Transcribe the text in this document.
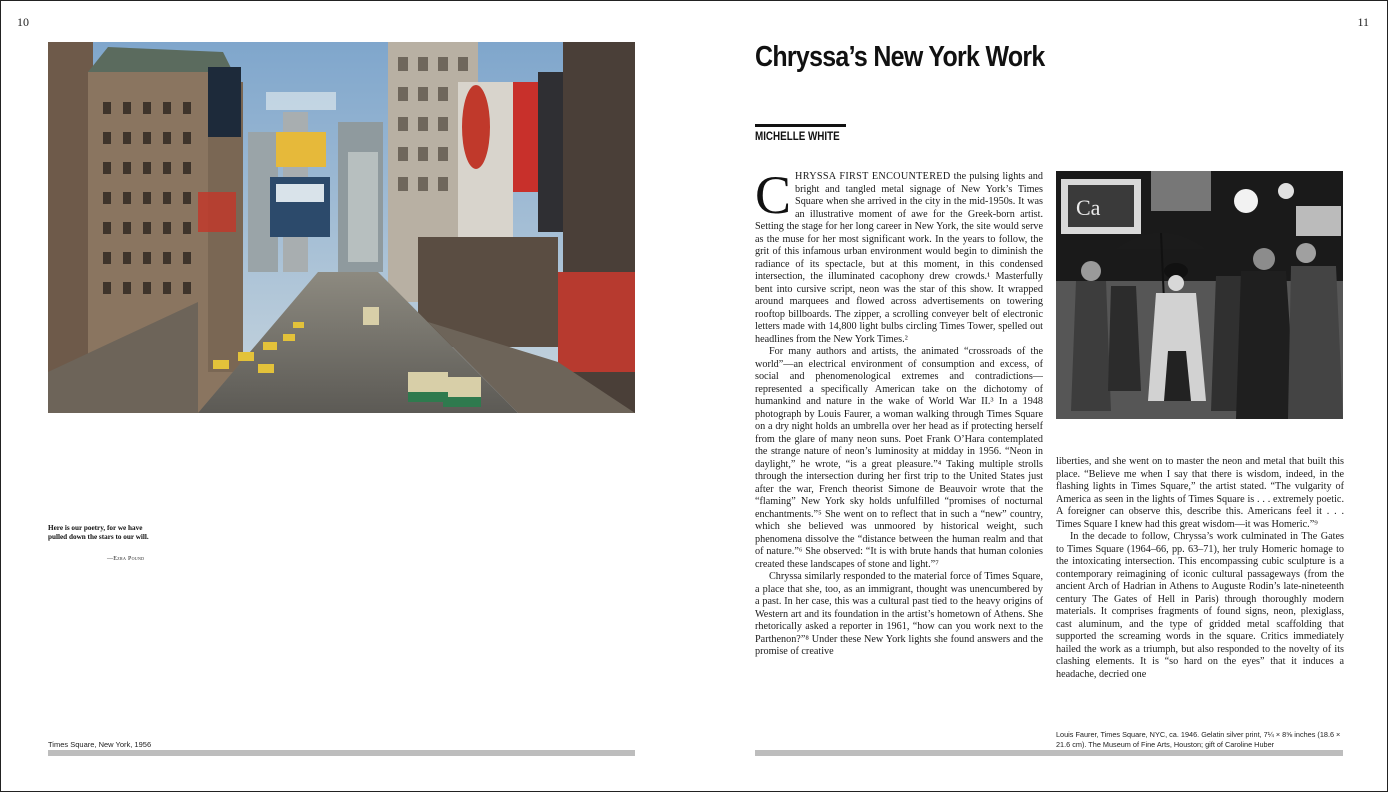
10	11
Here is our poetry, for we have pulled down the stars to our will.
—Ezra Pound
Times Square, New York, 1956
Chryssa’s New York Work
MICHELLE WHITE

CHRYSSA FIRST ENCOUNTERED the pulsing lights and bright and tangled metal signage of New York’s Times Square when she arrived in the city in the mid-1950s. It was an illustrative moment of awe for the Greek-born artist. Setting the stage for her long career in New York, the site would serve as the muse for her most significant work. In the years to follow, the grit of this infamous urban environment would begin to diminish the radiance of its spectacle, but at this moment, in this condensed intersection, the illuminated cacophony drew crowds.¹ Masterfully bent into cursive script, neon was the star of this show. It wrapped around marquees and flowed across advertisements on towering rooftop billboards. The zipper, a scrolling conveyer belt of electronic letters made with 14,800 light bulbs circling Times Tower, spelled out headlines from the New York Times.²

For many authors and artists, the animated “crossroads of the world”—an electrical environment of consumption and excess, of social and phenomenological extremes and contradictions—represented a specifically American take on the dichotomy of humankind and nature in the wake of World War II.³ In a 1948 photograph by Louis Faurer, a woman walking through Times Square on a dry night holds an umbrella over her head as if protecting herself from the glare of many neon suns. Poet Frank O’Hara contemplated the strange nature of neon’s luminosity at midday in 1956. “Neon in daylight,” he wrote, “is a great pleasure.”⁴ Taking multiple strolls through the intersection during her first trip to the United States just after the war, French theorist Simone de Beauvoir wrote that the “flaming” New York sky holds unfulfilled “promises of nocturnal enchantments.”⁵ She went on to reflect that in such a “new” country, which she believed was unmoored by historical weight, such phenomena dissolve the “distance between the human realm and that of nature.”⁶ She observed: “It is with brute hands that human colonies created these landscapes of stone and light.”⁷

Chryssa similarly responded to the material force of Times Square, a place that she, too, as an immigrant, thought was unencumbered by a past. In her case, this was a cultural past tied to the heavy origins of Western art and its foundation in the artist’s hometown of Athens. She rhetorically asked a reporter in 1961, “how can you work next to the Parthenon?”⁸ Under these New York lights she found answers and the promise of creative

Ca

liberties, and she went on to master the neon and metal that built this place. “Believe me when I say that there is wisdom, indeed, in the flashing lights in Times Square,” the artist stated. “The vulgarity of America as seen in the lights of Times Square is . . . extremely poetic. A foreigner can observe this, describe this. Americans feel it . . . Times Square I knew had this great wisdom—it was Homeric.”⁹

In the decade to follow, Chryssa’s work culminated in The Gates to Times Square (1964–66, pp. 63–71), her truly Homeric homage to the intoxicating intersection. This encompassing cubic sculpture is a contemporary reimagining of iconic cultural passageways (from the ancient Arch of Hadrian in Athens to Auguste Rodin’s late-nineteenth century The Gates of Hell in Paris) through thoroughly modern materials. It comprises fragments of found signs, neon, plexiglass, cast aluminum, and the type of gridded metal scaffolding that supported the screaming words in the square. Critics immediately hailed the work as a triumph, but also responded to the novelty of its clashing elements. It is “so hard on the eyes” that it induces a headache, decried one

Louis Faurer, Times Square, NYC, ca. 1946. Gelatin silver print, 7¼ × 8⅝ inches (18.6 × 21.6 cm). The Museum of Fine Arts, Houston; gift of Caroline Huber
